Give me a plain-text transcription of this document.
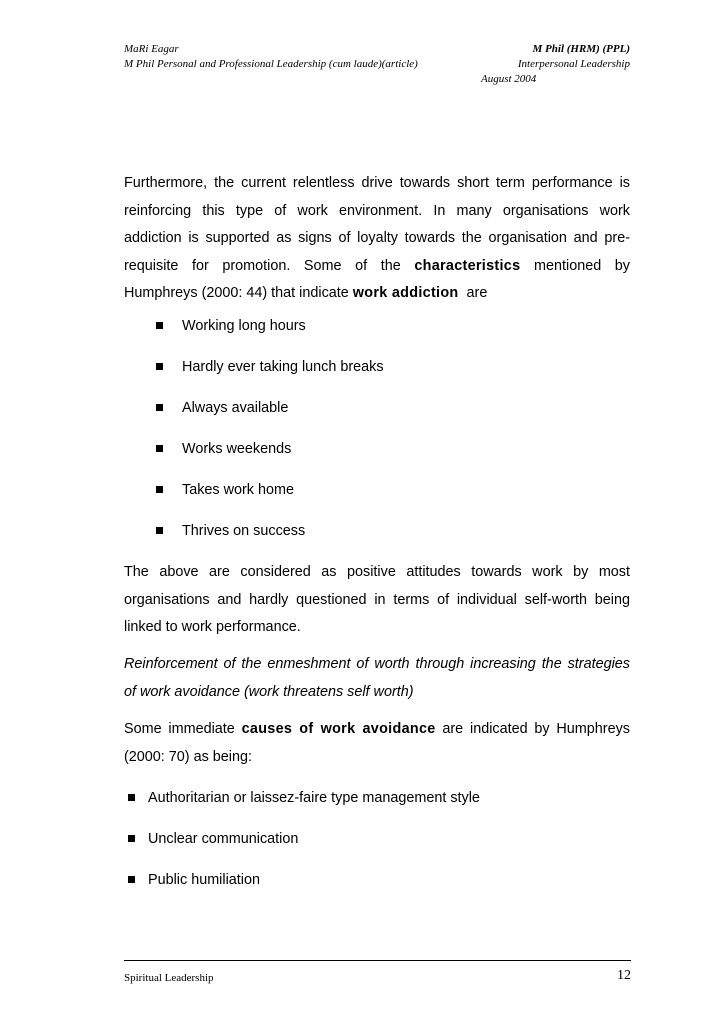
MaRi Eagar
M Phil Personal and Professional Leadership (cum laude)(article)
M Phil (HRM) (PPL)
Interpersonal Leadership
August 2004

Furthermore, the current relentless drive towards short term performance is

reinforcing this type of work environment. In many organisations work

addiction is supported as signs of loyalty towards the organisation and pre-

requisite for promotion. Some of the characteristics mentioned by

Humphreys (2000: 44) that indicate work addiction are

Working long hours
Hardly ever taking lunch breaks
Always available
Works weekends
Takes work home
Thrives on success

The above are considered as positive attitudes towards work by most

organisations and hardly questioned in terms of individual self-worth being

linked to work performance.

Reinforcement of the enmeshment of worth through increasing the strategies

of work avoidance (work threatens self worth)

Some immediate causes of work avoidance are indicated by Humphreys

(2000: 70) as being:

Authoritarian or laissez-faire type management style
Unclear communication
Public humiliation
Spiritual Leadership	12
